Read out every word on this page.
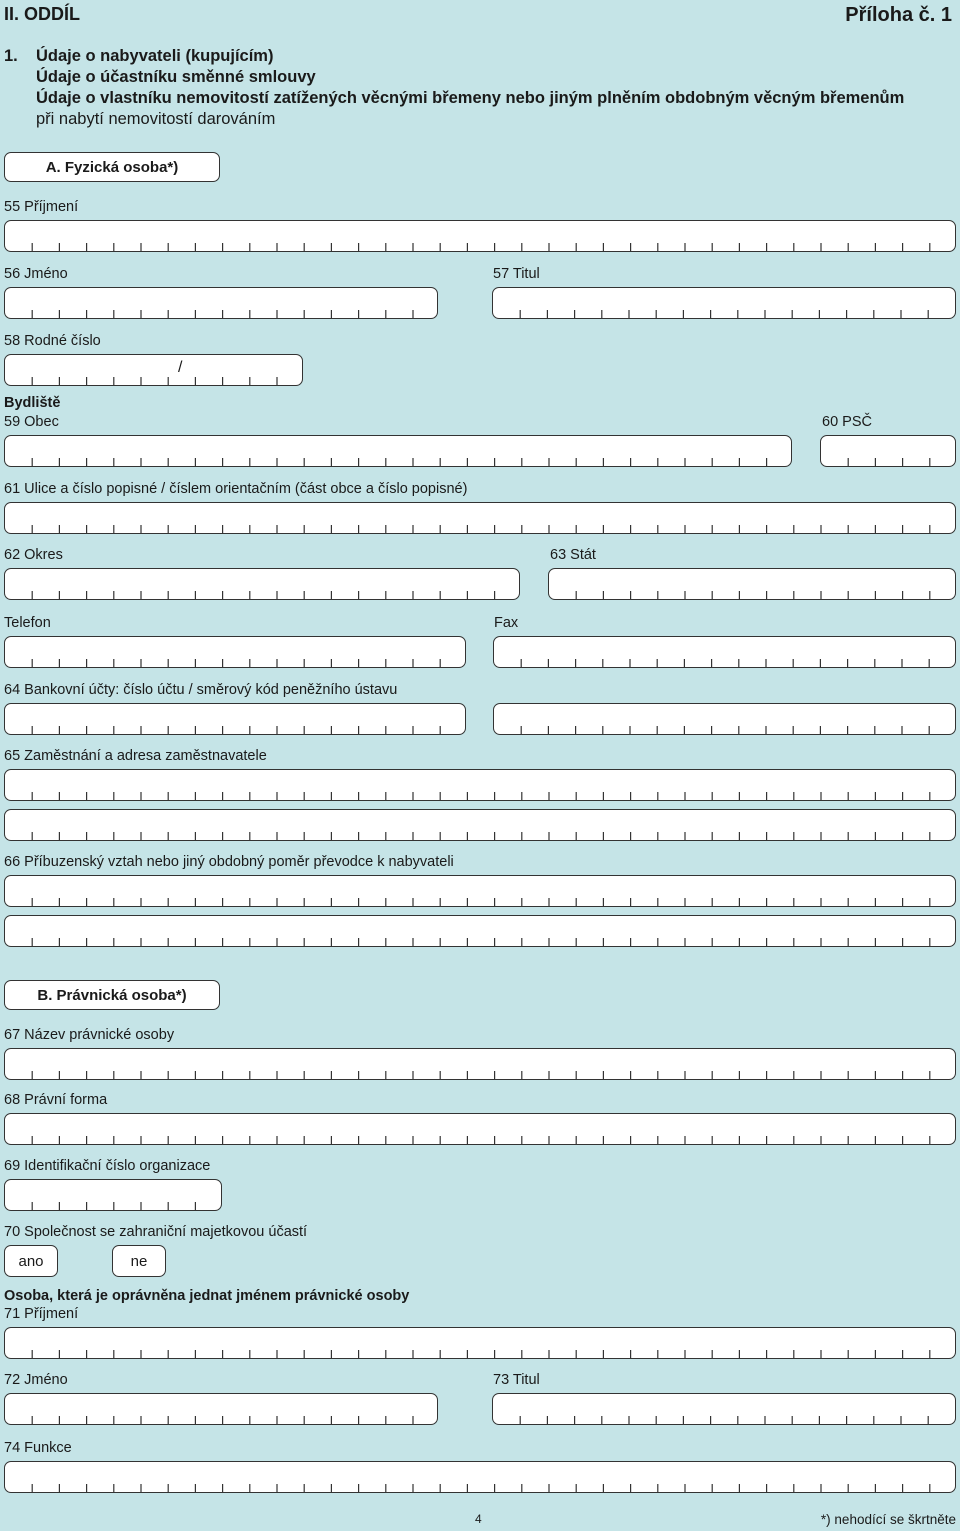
II. ODDÍL	Příloha č. 1
1.	Údaje o nabyvateli (kupujícím)
Údaje o účastníku směnné smlouvy
Údaje o vlastníku nemovitostí zatížených věcnými břemeny nebo jiným plněním obdobným věcným břemenům
při nabytí nemovitostí darováním
A. Fyzická osoba*)
55 Příjmení
56 Jméno	57 Titul
58 Rodné číslo
/
Bydliště
59 Obec	60 PSČ
61 Ulice a číslo popisné / číslem orientačním (část obce a číslo popisné)
62 Okres	63 Stát
Telefon	Fax
64 Bankovní účty: číslo účtu / směrový kód peněžního ústavu
65 Zaměstnání a adresa zaměstnavatele
66 Příbuzenský vztah nebo jiný obdobný poměr převodce k nabyvateli
B. Právnická osoba*)
67 Název právnické osoby
68 Právní forma
69 Identifikační číslo organizace
70 Společnost se zahraniční majetkovou účastí
ano	ne
Osoba, která je oprávněna jednat jménem právnické osoby
71 Příjmení
72 Jméno	73 Titul
74 Funkce
4	*) nehodící se škrtněte
